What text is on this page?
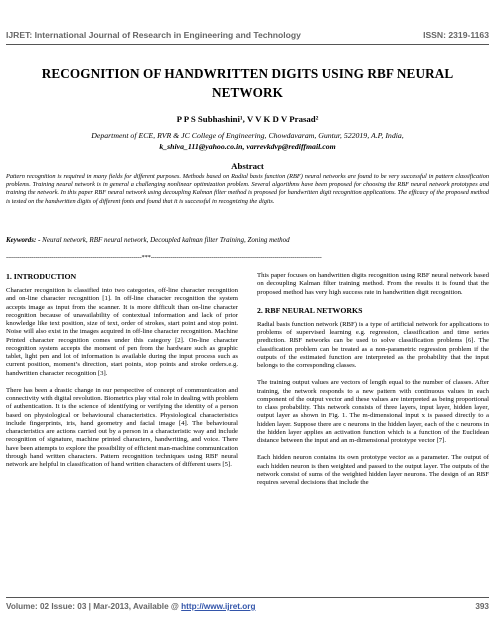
IJRET: International Journal of Research in Engineering and Technology	ISSN: 2319-1163
RECOGNITION OF HANDWRITTEN DIGITS USING RBF NEURAL NETWORK
P P S Subhashini¹, V V K D V Prasad²
Department of ECE, RVR & JC College of Engineering, Chowdavaram, Guntur, 522019, A.P, India,
k_shiva_111@yahoo.co.in, varrevkdvp@rediffmail.com
Abstract
Pattern recognition is required in many fields for different purposes. Methods based on Radial basis function (RBF) neural networks are found to be very successful in pattern classification problems. Training neural network is in general a challenging nonlinear optimization problem. Several algorithms have been proposed for choosing the RBF neural network prototypes and training the network. In this paper RBF neural network using decoupling Kalman filter method is proposed for handwritten digit recognition applications. The efficacy of the proposed method is tested on the handwritten digits of different fonts and found that it is successful in recognizing the digits.
Keywords: - Neural network, RBF neural network, Decoupled kalman filter Training, Zoning method
---------------------------------------------------------------------***---------------------------------------------------------------------------------------
1. INTRODUCTION

Character recognition is classified into two categories, off-line character recognition and on-line character recognition [1]. In off-line character recognition the system accepts image as input from the scanner. It is more difficult than on-line character recognition because of unavailability of contextual information and lack of prior knowledge like text position, size of text, order of strokes, start point and stop point. Noise will also exist in the images acquired in off-line character recognition. Machine Printed character recognition comes under this category [2]. On-line character recognition system accepts the moment of pen from the hardware such as graphic tablet, light pen and lot of information is available during the input process such as current position, moment’s direction, start points, stop points and stroke orders.e.g. handwritten character recognition [3].

There has been a drastic change in our perspective of concept of communication and connectivity with digital revolution. Biometrics play vital role in dealing with problem of authentication. It is the science of identifying or verifying the identity of a person based on physiological or behavioural characteristics. Physiological characteristics include fingerprints, iris, hand geometry and facial image [4]. The behavioural characteristics are actions carried out by a person in a characteristic way and include recognition of signature, machine printed characters, handwriting, and voice. There have been attempts to explore the possibility of efficient man-machine communication through hand written characters. Pattern recognition techniques using RBF neural network are helpful in classification of hand written characters of different users [5].

This paper focuses on handwritten digits recognition using RBF neural network based on decoupling Kalman filter training method. From the results it is found that the proposed method has very high success rate in handwritten digit recognition.

2. RBF NEURAL NETWORKS

Radial basis function network (RBF) is a type of artificial network for applications to problems of supervised learning e.g. regression, classification and time series prediction. RBF networks can be used to solve classification problems [6]. The classification problem can be treated as a non-parametric regression problem if the outputs of the estimated function are interpreted as the probability that the input belongs to the corresponding classes.

The training output values are vectors of length equal to the number of classes. After training, the network responds to a new pattern with continuous values in each component of the output vector and these values are interpreted as being proportional to class probability. This network consists of three layers, input layer, hidden layer, output layer as shown in Fig. 1. The m-dimensional input x is passed directly to a hidden layer. Suppose there are c neurons in the hidden layer, each of the c neurons in the hidden layer applies an activation function which is a function of the Euclidean distance between the input and an m-dimensional prototype vector [7].

Each hidden neuron contains its own prototype vector as a parameter. The output of each hidden neuron is then weighted and passed to the output layer. The outputs of the network consist of sums of the weighted hidden layer neurons. The design of an RBF requires several decisions that include the

Volume: 02 Issue: 03 | Mar-2013, Available @ http://www.ijret.org	393
